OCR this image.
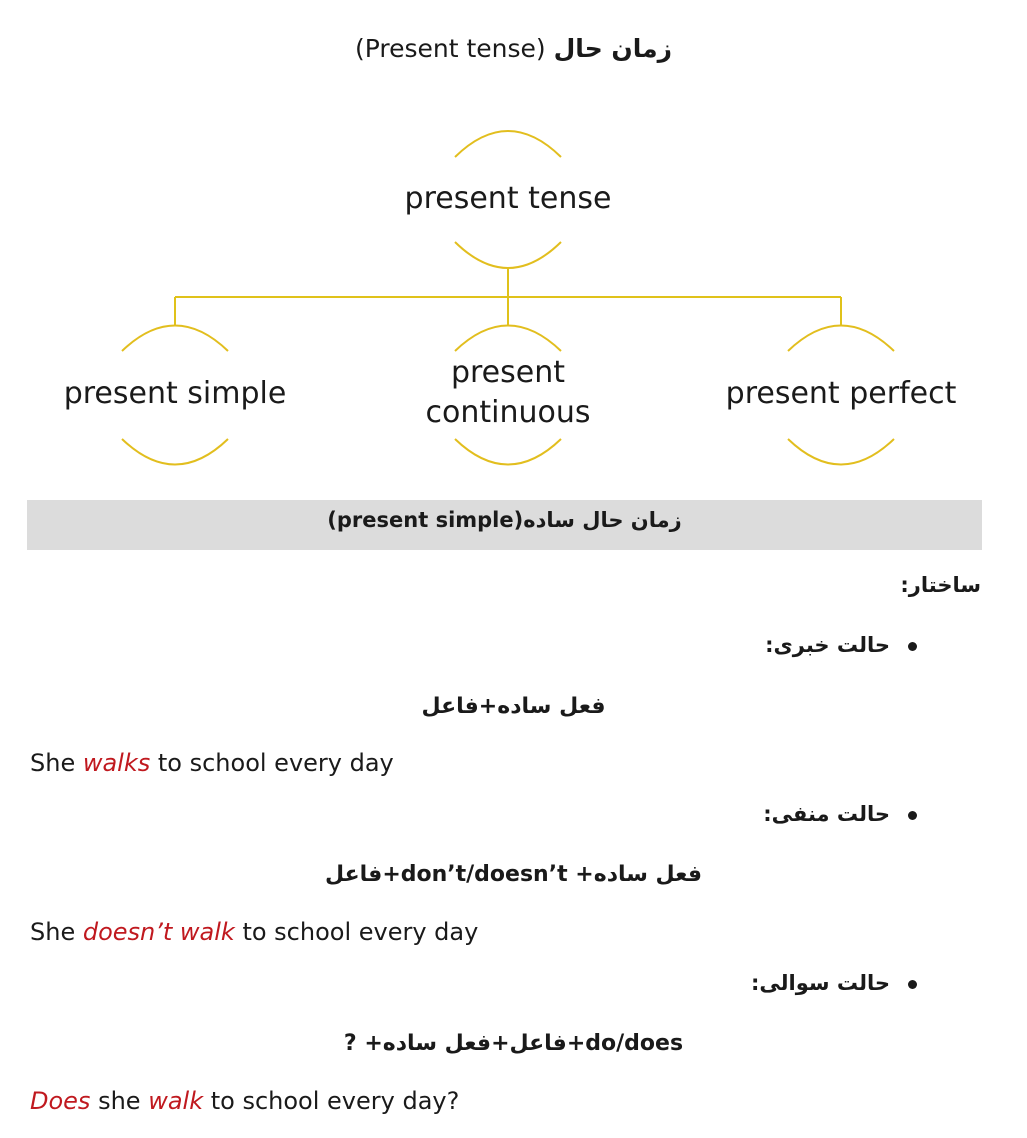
(Present tense) زمان حال
present tense
present simple
present
continuous
present perfect
زمان حال ساده(present simple)
ساختار:
حالت خبری:
فعل ساده+فاعل
She walks to school every day
حالت منفی:
فعل ساده+ don’t/doesn’t+فاعل
She doesn’t walk to school every day
حالت سوالی:
do/does+فاعل+فعل ساده+ ?
Does she walk to school every day?
